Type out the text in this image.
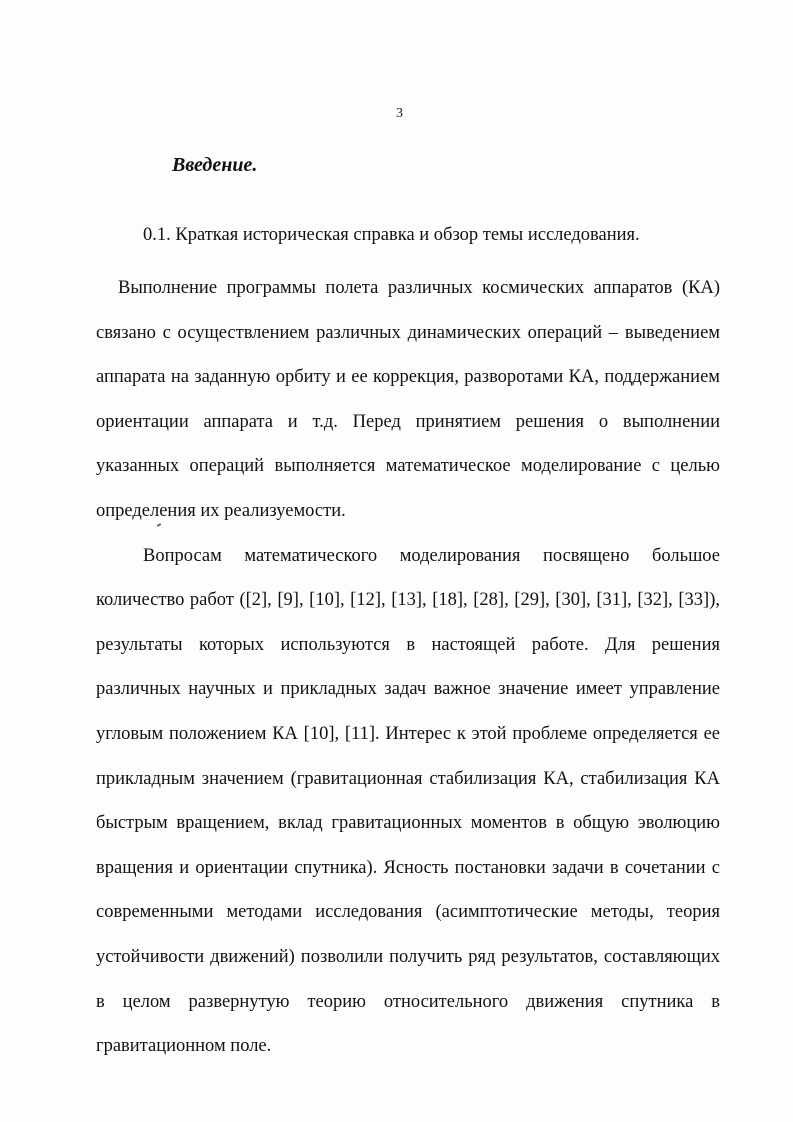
3
Введение.
0.1. Краткая историческая справка и обзор темы исследования.

Выполнение программы полета различных космических аппаратов (КА) связано с осуществлением различных динамических операций – выведением аппарата на заданную орбиту и ее коррекция, разворотами КА, поддержанием ориентации аппарата и т.д. Перед принятием решения о выполнении указанных операций выполняется математическое моделирование с целью определения их реализуемости.

Вопросам математического моделирования посвящено большое количество работ ([2], [9], [10], [12], [13], [18], [28], [29], [30], [31], [32], [33]), результаты которых используются в настоящей работе. Для решения различных научных и прикладных задач важное значение имеет управление угловым положением КА [10], [11]. Интерес к этой проблеме определяется ее прикладным значением (гравитационная стабилизация КА, стабилизация КА быстрым вращением, вклад гравитационных моментов в общую эволюцию вращения и ориентации спутника). Ясность постановки задачи в сочетании с современными методами исследования (асимптотические методы, теория устойчивости движений) позволили получить ряд результатов, составляющих в целом развернутую теорию относительного движения спутника в гравитационном поле.
